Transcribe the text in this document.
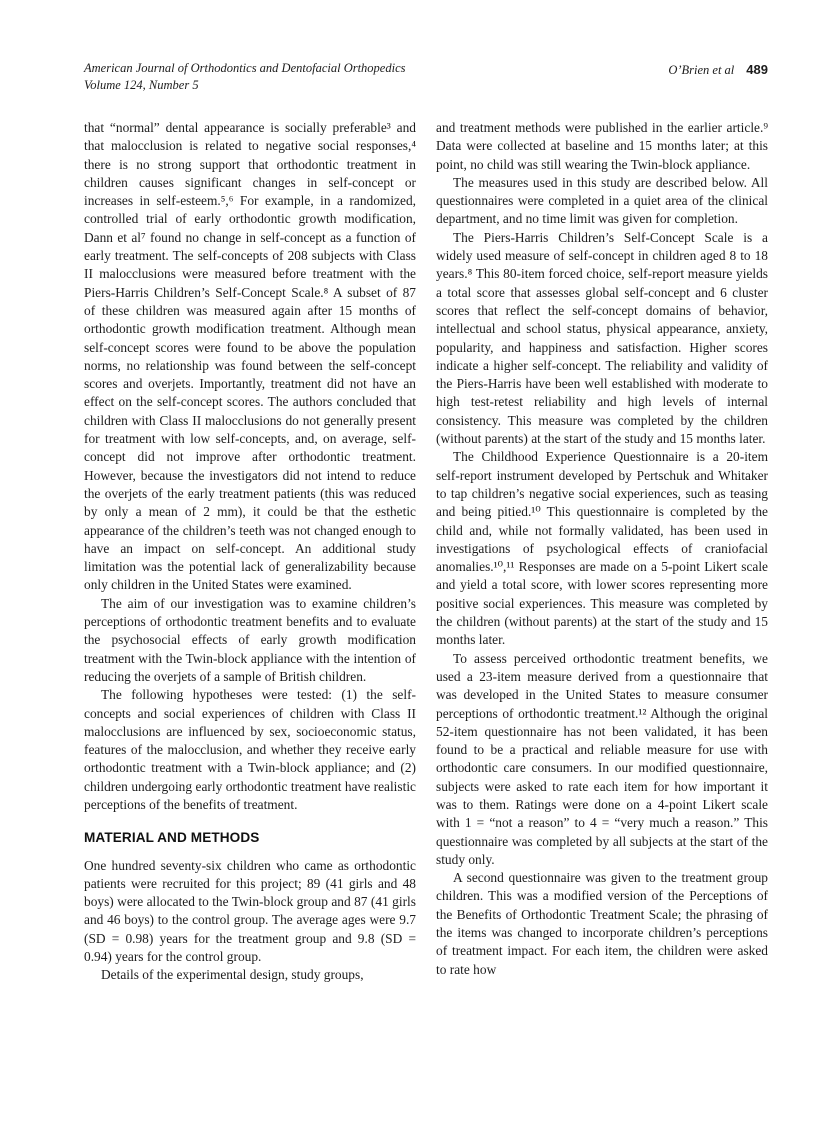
American Journal of Orthodontics and Dentofacial Orthopedics
Volume 124, Number 5
O’Brien et al 489

that “normal” dental appearance is socially preferable³ and that malocclusion is related to negative social responses,⁴ there is no strong support that orthodontic treatment in children causes significant changes in self-concept or increases in self-esteem.⁵,⁶ For example, in a randomized, controlled trial of early orthodontic growth modification, Dann et al⁷ found no change in self-concept as a function of early treatment. The self-concepts of 208 subjects with Class II malocclusions were measured before treatment with the Piers-Harris Children’s Self-Concept Scale.⁸ A subset of 87 of these children was measured again after 15 months of orthodontic growth modification treatment. Although mean self-concept scores were found to be above the population norms, no relationship was found between the self-concept scores and overjets. Importantly, treatment did not have an effect on the self-concept scores. The authors concluded that children with Class II malocclusions do not generally present for treatment with low self-concepts, and, on average, self-concept did not improve after orthodontic treatment. However, because the investigators did not intend to reduce the overjets of the early treatment patients (this was reduced by only a mean of 2 mm), it could be that the esthetic appearance of the children’s teeth was not changed enough to have an impact on self-concept. An additional study limitation was the potential lack of generalizability because only children in the United States were examined.

The aim of our investigation was to examine children’s perceptions of orthodontic treatment benefits and to evaluate the psychosocial effects of early growth modification treatment with the Twin-block appliance with the intention of reducing the overjets of a sample of British children.

The following hypotheses were tested: (1) the self-concepts and social experiences of children with Class II malocclusions are influenced by sex, socioeconomic status, features of the malocclusion, and whether they receive early orthodontic treatment with a Twin-block appliance; and (2) children undergoing early orthodontic treatment have realistic perceptions of the benefits of treatment.

MATERIAL AND METHODS

One hundred seventy-six children who came as orthodontic patients were recruited for this project; 89 (41 girls and 48 boys) were allocated to the Twin-block group and 87 (41 girls and 46 boys) to the control group. The average ages were 9.7 (SD = 0.98) years for the treatment group and 9.8 (SD = 0.94) years for the control group.

Details of the experimental design, study groups,

and treatment methods were published in the earlier article.⁹ Data were collected at baseline and 15 months later; at this point, no child was still wearing the Twin-block appliance.

The measures used in this study are described below. All questionnaires were completed in a quiet area of the clinical department, and no time limit was given for completion.

The Piers-Harris Children’s Self-Concept Scale is a widely used measure of self-concept in children aged 8 to 18 years.⁸ This 80-item forced choice, self-report measure yields a total score that assesses global self-concept and 6 cluster scores that reflect the self-concept domains of behavior, intellectual and school status, physical appearance, anxiety, popularity, and happiness and satisfaction. Higher scores indicate a higher self-concept. The reliability and validity of the Piers-Harris have been well established with moderate to high test-retest reliability and high levels of internal consistency. This measure was completed by the children (without parents) at the start of the study and 15 months later.

The Childhood Experience Questionnaire is a 20-item self-report instrument developed by Pertschuk and Whitaker to tap children’s negative social experiences, such as teasing and being pitied.¹⁰ This questionnaire is completed by the child and, while not formally validated, has been used in investigations of psychological effects of craniofacial anomalies.¹⁰,¹¹ Responses are made on a 5-point Likert scale and yield a total score, with lower scores representing more positive social experiences. This measure was completed by the children (without parents) at the start of the study and 15 months later.

To assess perceived orthodontic treatment benefits, we used a 23-item measure derived from a questionnaire that was developed in the United States to measure consumer perceptions of orthodontic treatment.¹² Although the original 52-item questionnaire has not been validated, it has been found to be a practical and reliable measure for use with orthodontic care consumers. In our modified questionnaire, subjects were asked to rate each item for how important it was to them. Ratings were done on a 4-point Likert scale with 1 = “not a reason” to 4 = “very much a reason.” This questionnaire was completed by all subjects at the start of the study only.

A second questionnaire was given to the treatment group children. This was a modified version of the Perceptions of the Benefits of Orthodontic Treatment Scale; the phrasing of the items was changed to incorporate children’s perceptions of treatment impact. For each item, the children were asked to rate how
